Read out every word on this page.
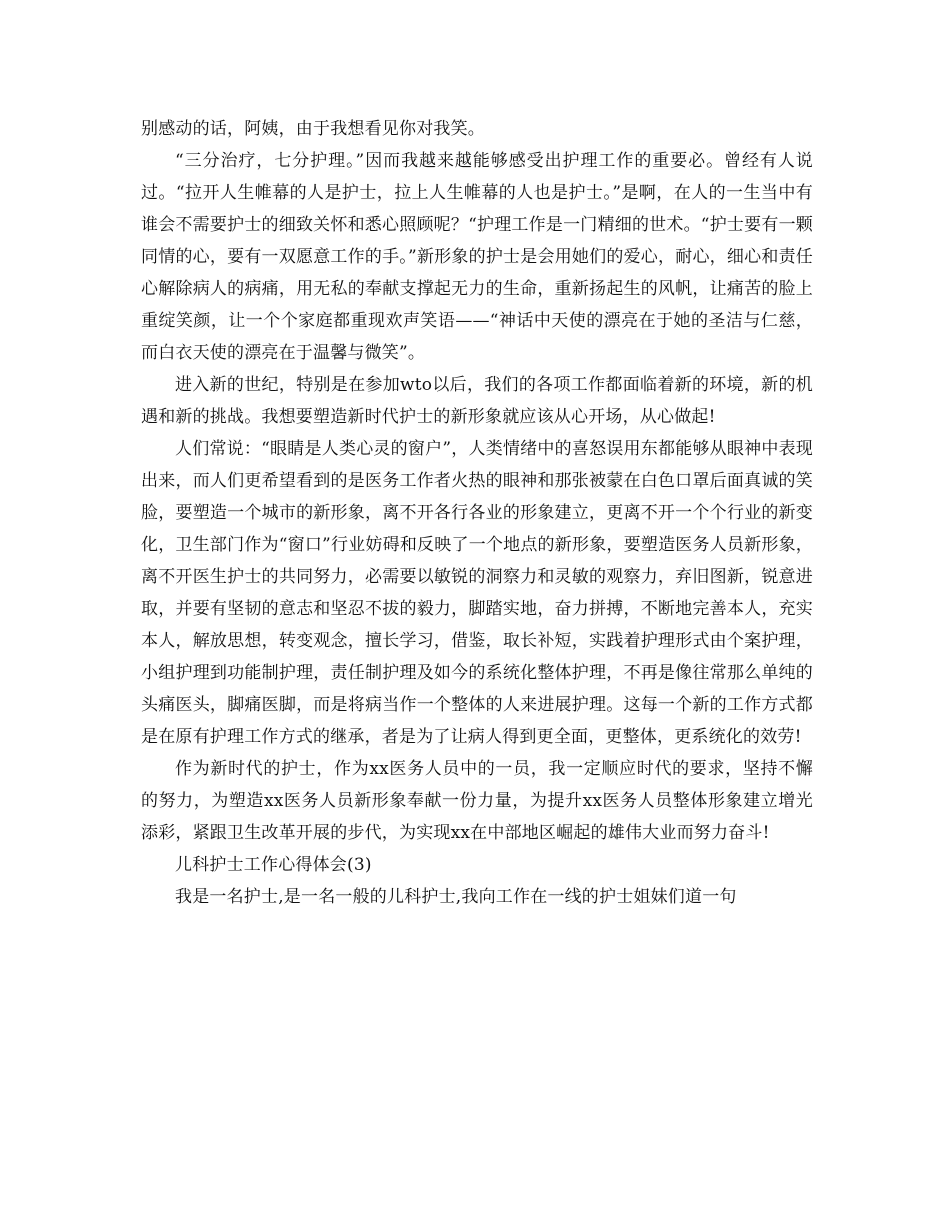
别感动的话，阿姨，由于我想看见你对我笑。

“三分治疗，七分护理。”因而我越来越能够感受出护理工作的重要必。曾经有人说过。“拉开人生帷幕的人是护士，拉上人生帷幕的人也是护士。”是啊，在人的一生当中有谁会不需要护士的细致关怀和悉心照顾呢？“护理工作是一门精细的世术。“护士要有一颗同情的心，要有一双愿意工作的手。”新形象的护士是会用她们的爱心，耐心，细心和责任心解除病人的病痛，用无私的奉献支撑起无力的生命，重新扬起生的风帆，让痛苦的脸上重绽笑颜，让一个个家庭都重现欢声笑语——“神话中天使的漂亮在于她的圣洁与仁慈，而白衣天使的漂亮在于温馨与微笑”。

进入新的世纪，特别是在参加wto以后，我们的各项工作都面临着新的环境，新的机遇和新的挑战。我想要塑造新时代护士的新形象就应该从心开场，从心做起!

人们常说：“眼睛是人类心灵的窗户”，人类情绪中的喜怒误用东都能够从眼神中表现出来，而人们更希望看到的是医务工作者火热的眼神和那张被蒙在白色口罩后面真诚的笑脸，要塑造一个城市的新形象，离不开各行各业的形象建立，更离不开一个个行业的新变化，卫生部门作为“窗口”行业妨碍和反映了一个地点的新形象，要塑造医务人员新形象，离不开医生护士的共同努力，必需要以敏锐的洞察力和灵敏的观察力，弃旧图新，锐意进取，并要有坚韧的意志和坚忍不拔的毅力，脚踏实地，奋力拼搏，不断地完善本人，充实本人，解放思想，转变观念，擅长学习，借鉴，取长补短，实践着护理形式由个案护理，小组护理到功能制护理，责任制护理及如今的系统化整体护理，不再是像往常那么单纯的头痛医头，脚痛医脚，而是将病当作一个整体的人来进展护理。这每一个新的工作方式都是在原有护理工作方式的继承，者是为了让病人得到更全面，更整体，更系统化的效劳!

作为新时代的护士，作为xx医务人员中的一员，我一定顺应时代的要求，坚持不懈的努力，为塑造xx医务人员新形象奉献一份力量，为提升xx医务人员整体形象建立增光添彩，紧跟卫生改革开展的步代，为实现xx在中部地区崛起的雄伟大业而努力奋斗!

儿科护士工作心得体会(3)

我是一名护士,是一名一般的儿科护士,我向工作在一线的护士姐妹们道一句
